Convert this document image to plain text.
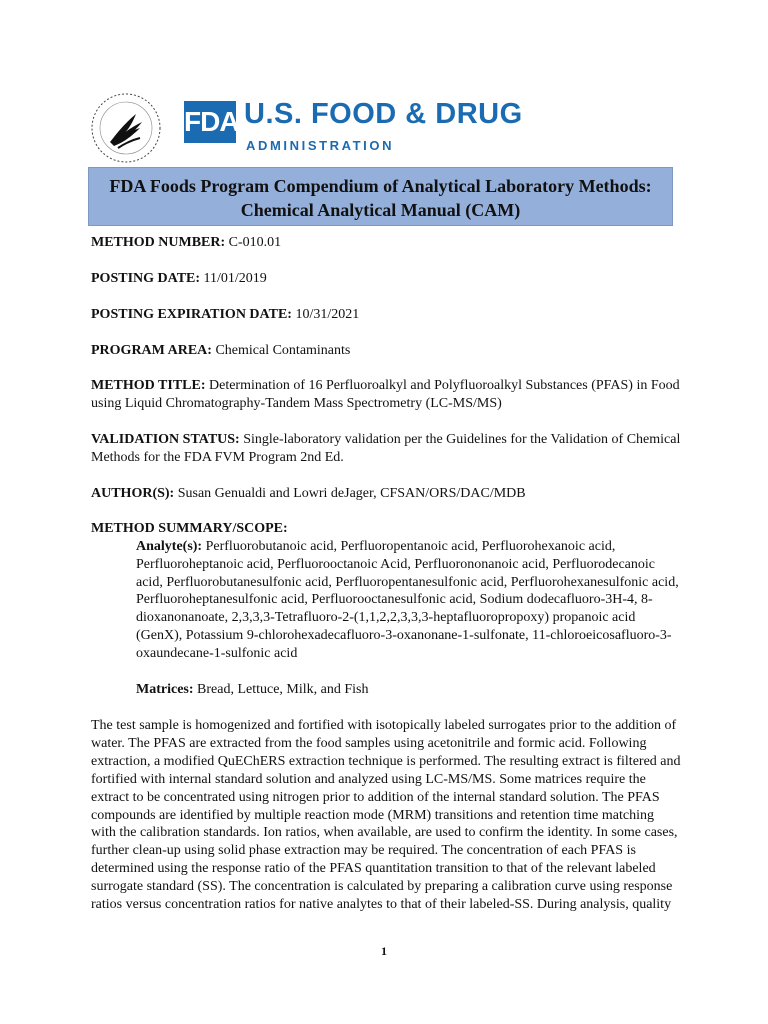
FDA U.S. FOOD & DRUG
ADMINISTRATION
FDA Foods Program Compendium of Analytical Laboratory Methods:
Chemical Analytical Manual (CAM)
METHOD NUMBER: C-010.01
POSTING DATE: 11/01/2019
POSTING EXPIRATION DATE: 10/31/2021
PROGRAM AREA: Chemical Contaminants
METHOD TITLE: Determination of 16 Perfluoroalkyl and Polyfluoroalkyl Substances (PFAS) in Food using Liquid Chromatography-Tandem Mass Spectrometry (LC-MS/MS)
VALIDATION STATUS: Single-laboratory validation per the Guidelines for the Validation of Chemical Methods for the FDA FVM Program 2nd Ed.
AUTHOR(S): Susan Genualdi and Lowri deJager, CFSAN/ORS/DAC/MDB
METHOD SUMMARY/SCOPE:
Analyte(s): Perfluorobutanoic acid, Perfluoropentanoic acid, Perfluorohexanoic acid, Perfluoroheptanoic acid, Perfluorooctanoic Acid, Perfluorononanoic acid, Perfluorodecanoic acid, Perfluorobutanesulfonic acid, Perfluoropentanesulfonic acid, Perfluorohexanesulfonic acid, Perfluoroheptanesulfonic acid, Perfluorooctanesulfonic acid, Sodium dodecafluoro-3H-4, 8-dioxanonanoate, 2,3,3,3-Tetrafluoro-2-(1,1,2,2,3,3,3-heptafluoropropoxy) propanoic acid (GenX), Potassium 9-chlorohexadecafluoro-3-oxanonane-1-sulfonate, 11-chloroeicosafluoro-3-oxaundecane-1-sulfonic acid
Matrices: Bread, Lettuce, Milk, and Fish
The test sample is homogenized and fortified with isotopically labeled surrogates prior to the addition of water. The PFAS are extracted from the food samples using acetonitrile and formic acid. Following extraction, a modified QuEChERS extraction technique is performed. The resulting extract is filtered and fortified with internal standard solution and analyzed using LC-MS/MS. Some matrices require the extract to be concentrated using nitrogen prior to addition of the internal standard solution. The PFAS compounds are identified by multiple reaction mode (MRM) transitions and retention time matching with the calibration standards. Ion ratios, when available, are used to confirm the identity. In some cases, further clean-up using solid phase extraction may be required. The concentration of each PFAS is determined using the response ratio of the PFAS quantitation transition to that of the relevant labeled surrogate standard (SS). The concentration is calculated by preparing a calibration curve using response ratios versus concentration ratios for native analytes to that of their labeled-SS. During analysis, quality
1
